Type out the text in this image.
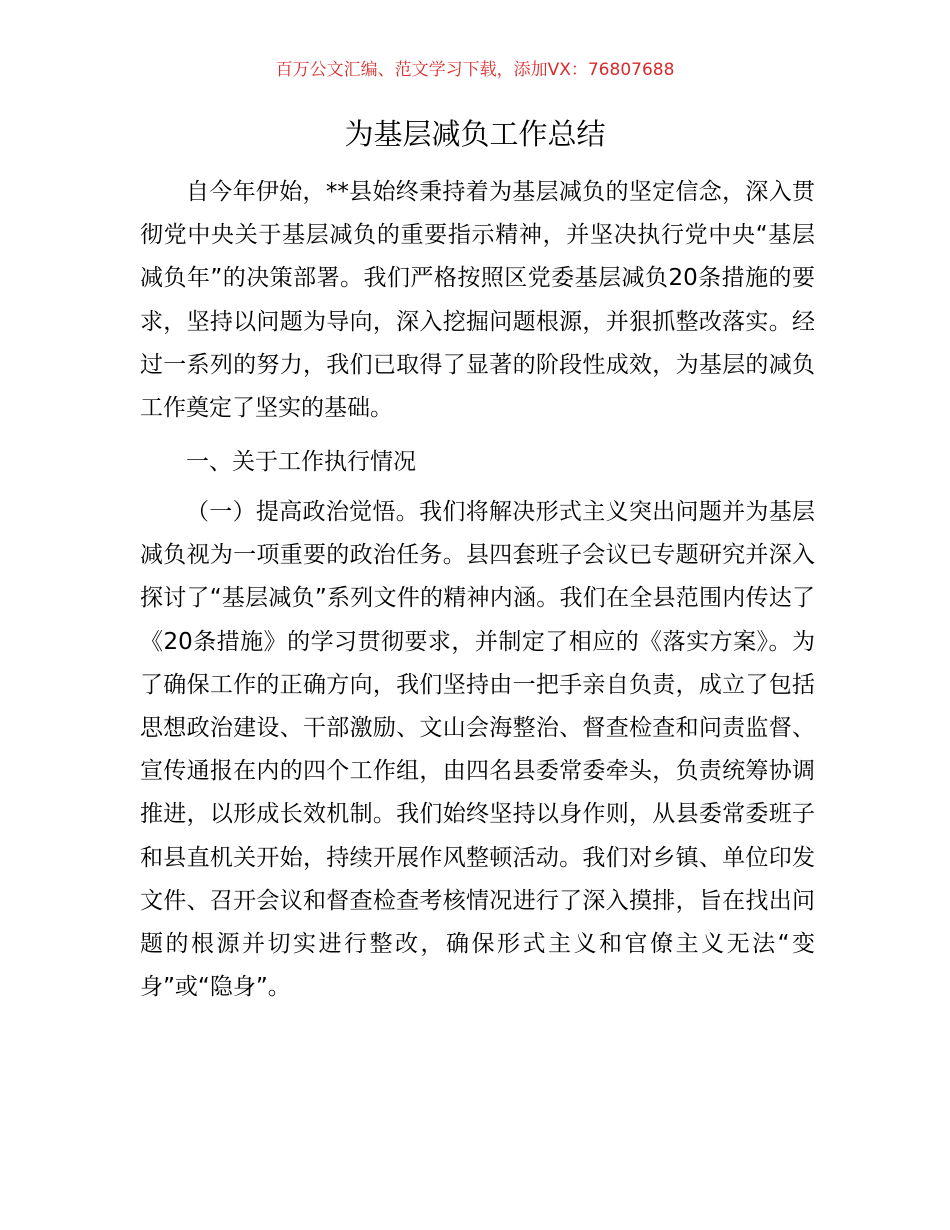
百万公文汇编、范文学习下载，添加VX：76807688
为基层减负工作总结

自今年伊始，**县始终秉持着为基层减负的坚定信念，深入贯彻党中央关于基层减负的重要指示精神，并坚决执行党中央“基层减负年”的决策部署。我们严格按照区党委基层减负20条措施的要求，坚持以问题为导向，深入挖掘问题根源，并狠抓整改落实。经过一系列的努力，我们已取得了显著的阶段性成效，为基层的减负工作奠定了坚实的基础。

一、关于工作执行情况

（一）提高政治觉悟。我们将解决形式主义突出问题并为基层减负视为一项重要的政治任务。县四套班子会议已专题研究并深入探讨了“基层减负”系列文件的精神内涵。我们在全县范围内传达了《20条措施》的学习贯彻要求，并制定了相应的《落实方案》。为了确保工作的正确方向，我们坚持由一把手亲自负责，成立了包括思想政治建设、干部激励、文山会海整治、督查检查和问责监督、宣传通报在内的四个工作组，由四名县委常委牵头，负责统筹协调推进，以形成长效机制。我们始终坚持以身作则，从县委常委班子和县直机关开始，持续开展作风整顿活动。我们对乡镇、单位印发文件、召开会议和督查检查考核情况进行了深入摸排，旨在找出问题的根源并切实进行整改，确保形式主义和官僚主义无法“变身”或“隐身”。
